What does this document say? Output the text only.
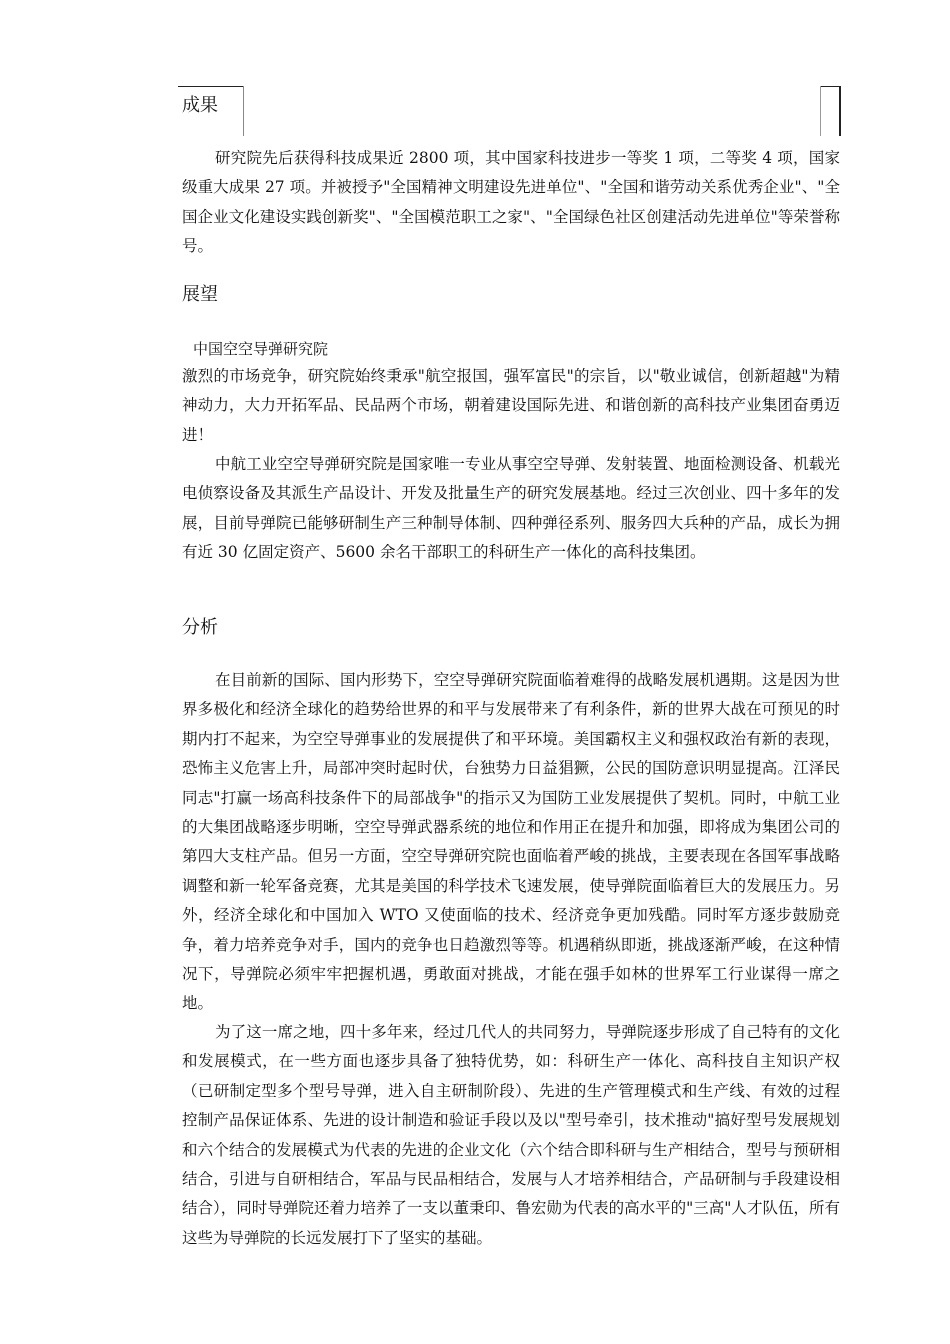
成果

研究院先后获得科技成果近 2800 项，其中国家科技进步一等奖 1 项，二等奖 4 项，国家级重大成果 27 项。并被授予"全国精神文明建设先进单位"、"全国和谐劳动关系优秀企业"、"全国企业文化建设实践创新奖"、"全国模范职工之家"、"全国绿色社区创建活动先进单位"等荣誉称号。

展望

中国空空导弹研究院

激烈的市场竞争，研究院始终秉承"航空报国，强军富民"的宗旨，以"敬业诚信，创新超越"为精神动力，大力开拓军品、民品两个市场，朝着建设国际先进、和谐创新的高科技产业集团奋勇迈进！

中航工业空空导弹研究院是国家唯一专业从事空空导弹、发射装置、地面检测设备、机载光电侦察设备及其派生产品设计、开发及批量生产的研究发展基地。经过三次创业、四十多年的发展，目前导弹院已能够研制生产三种制导体制、四种弹径系列、服务四大兵种的产品，成长为拥有近 30 亿固定资产、5600 余名干部职工的科研生产一体化的高科技集团。

分析

在目前新的国际、国内形势下，空空导弹研究院面临着难得的战略发展机遇期。这是因为世界多极化和经济全球化的趋势给世界的和平与发展带来了有利条件，新的世界大战在可预见的时期内打不起来，为空空导弹事业的发展提供了和平环境。美国霸权主义和强权政治有新的表现，恐怖主义危害上升，局部冲突时起时伏，台独势力日益猖獗，公民的国防意识明显提高。江泽民同志"打赢一场高科技条件下的局部战争"的指示又为国防工业发展提供了契机。同时，中航工业的大集团战略逐步明晰，空空导弹武器系统的地位和作用正在提升和加强，即将成为集团公司的第四大支柱产品。但另一方面，空空导弹研究院也面临着严峻的挑战，主要表现在各国军事战略调整和新一轮军备竞赛，尤其是美国的科学技术飞速发展，使导弹院面临着巨大的发展压力。另外，经济全球化和中国加入 WTO 又使面临的技术、经济竞争更加残酷。同时军方逐步鼓励竞争，着力培养竞争对手，国内的竞争也日趋激烈等等。机遇稍纵即逝，挑战逐渐严峻，在这种情况下，导弹院必须牢牢把握机遇，勇敢面对挑战，才能在强手如林的世界军工行业谋得一席之地。

为了这一席之地，四十多年来，经过几代人的共同努力，导弹院逐步形成了自己特有的文化和发展模式，在一些方面也逐步具备了独特优势，如：科研生产一体化、高科技自主知识产权（已研制定型多个型号导弹，进入自主研制阶段）、先进的生产管理模式和生产线、有效的过程控制产品保证体系、先进的设计制造和验证手段以及以"型号牵引，技术推动"搞好型号发展规划和六个结合的发展模式为代表的先进的企业文化（六个结合即科研与生产相结合，型号与预研相结合，引进与自研相结合，军品与民品相结合，发展与人才培养相结合，产品研制与手段建设相结合），同时导弹院还着力培养了一支以董秉印、鲁宏勋为代表的高水平的"三高"人才队伍，所有这些为导弹院的长远发展打下了坚实的基础。
